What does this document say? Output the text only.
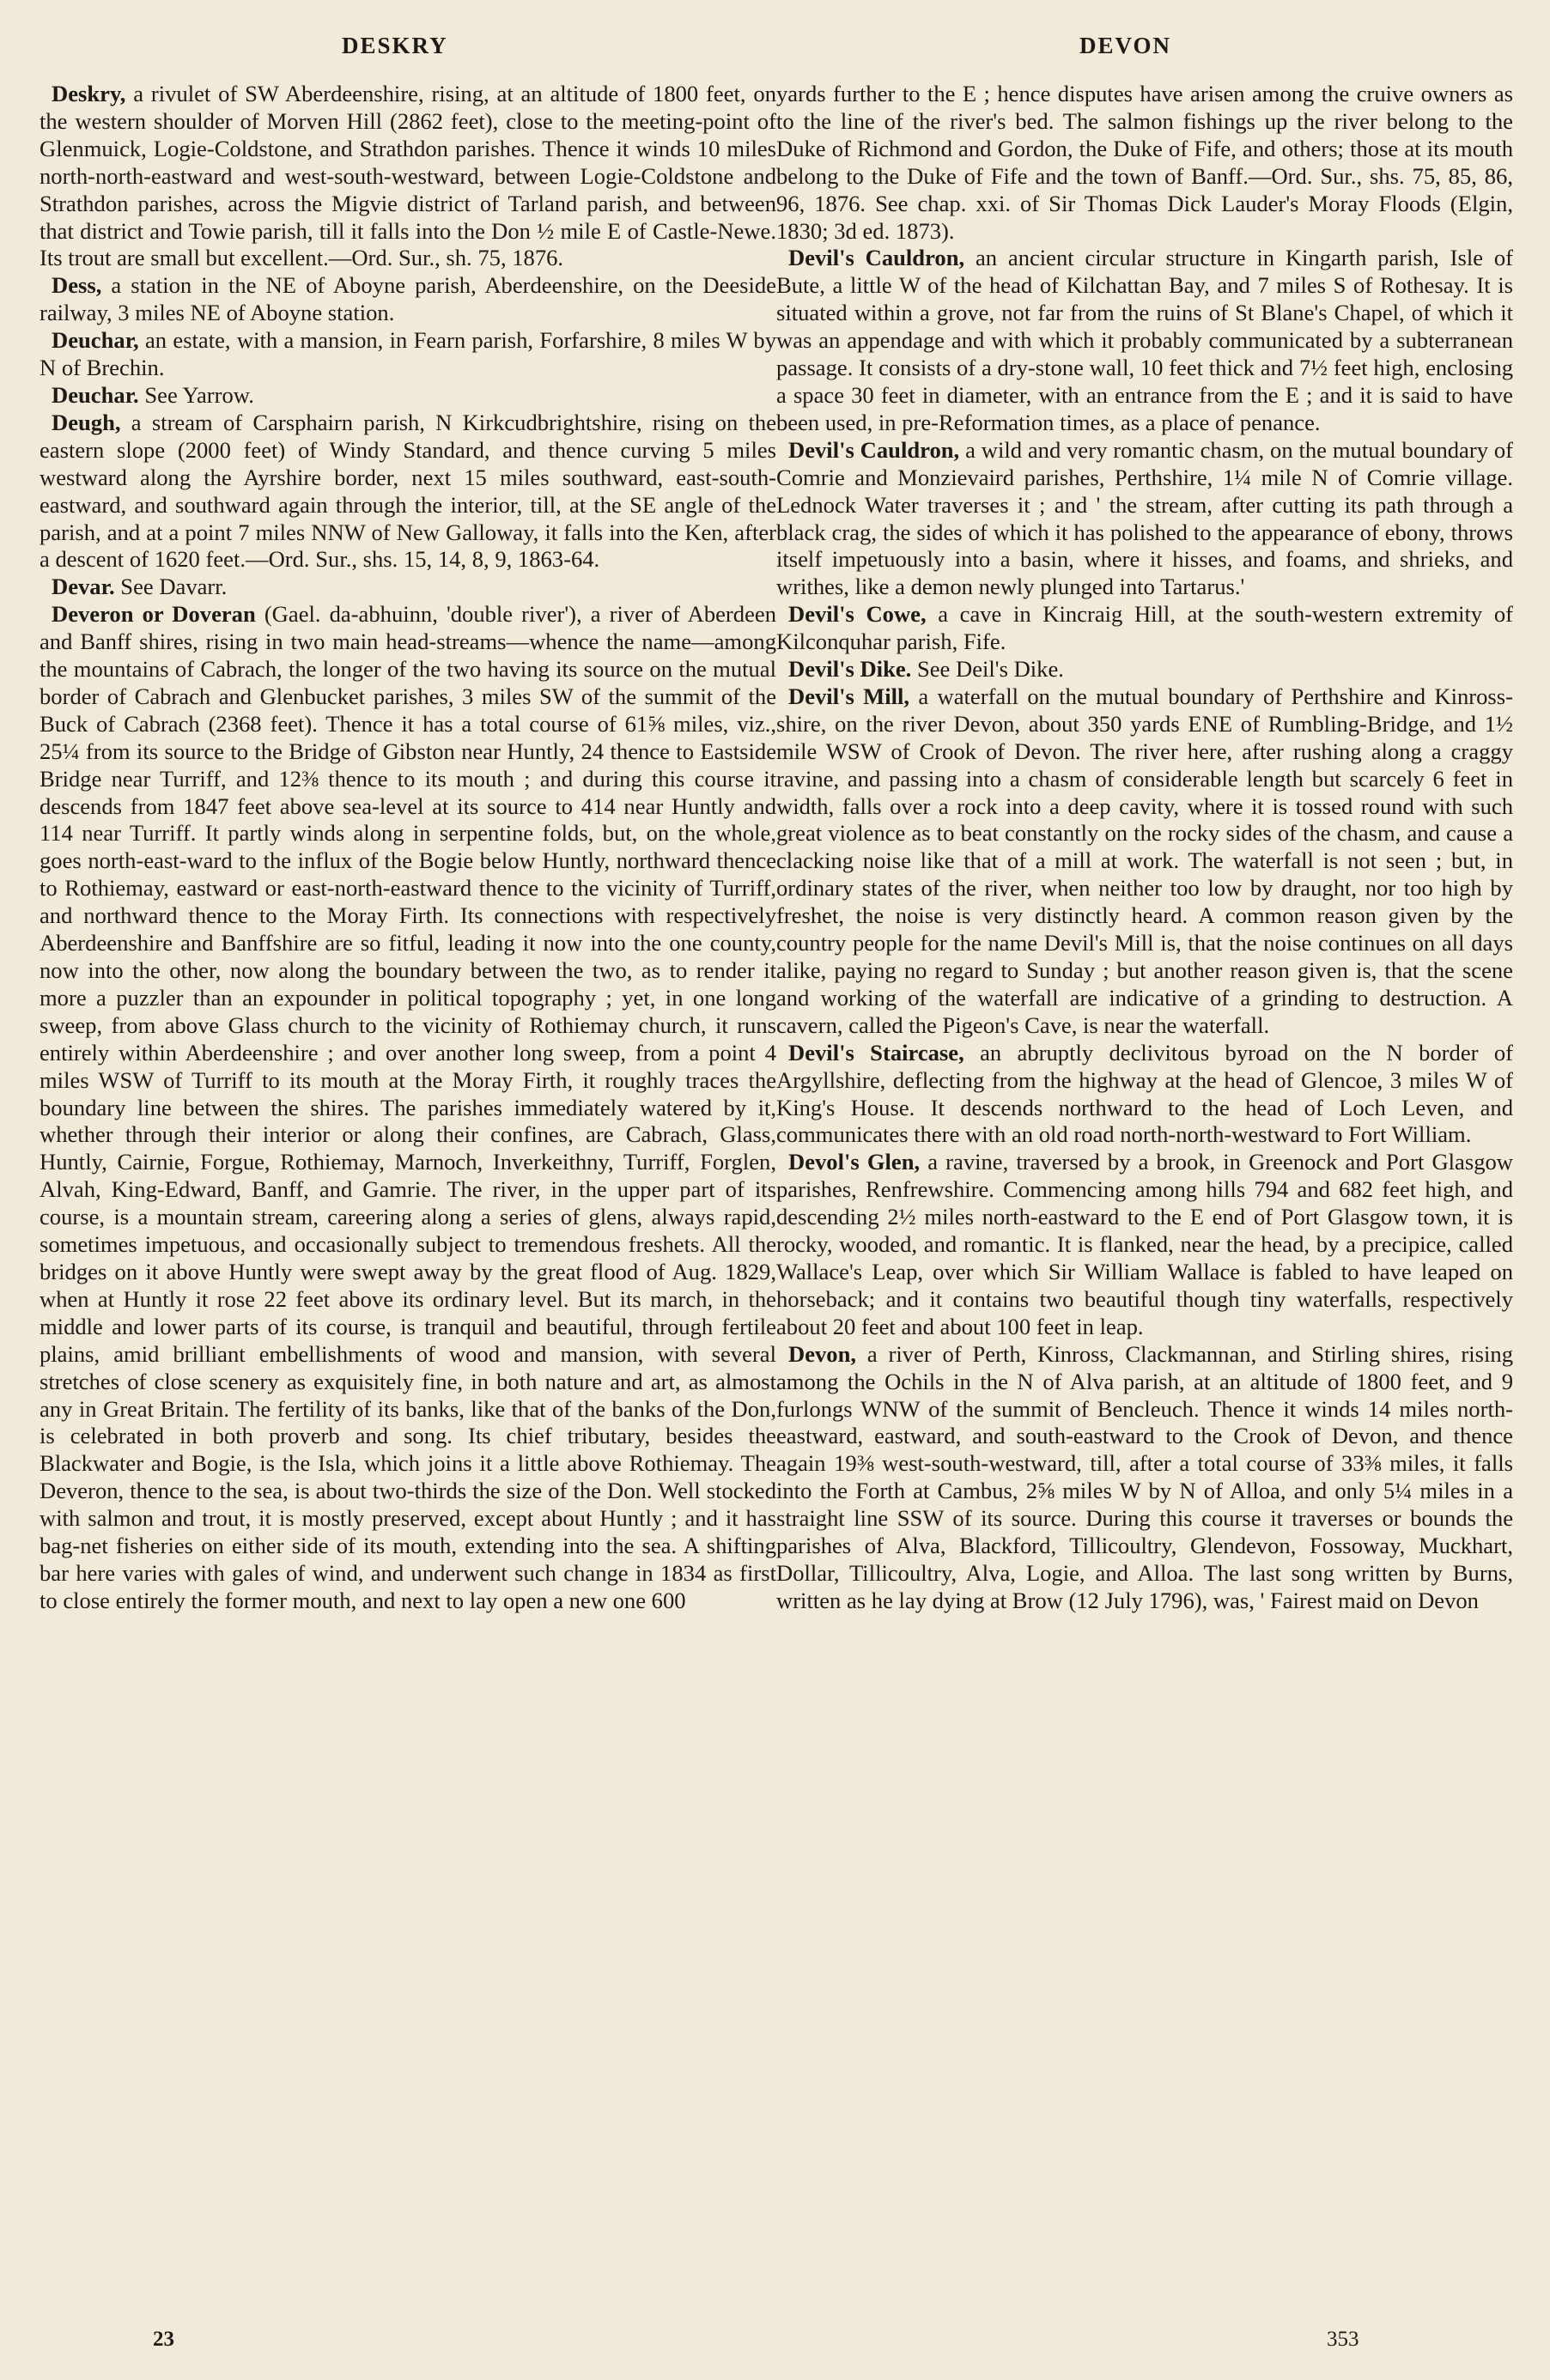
DESKRY	DEVON

Deskry, a rivulet of SW Aberdeenshire, rising, at an altitude of 1800 feet, on the western shoulder of Morven Hill (2862 feet), close to the meeting-point of Glenmuick, Logie-Coldstone, and Strathdon parishes. Thence it winds 10 miles north-north-eastward and west-south-westward, between Logie-Coldstone and Strathdon parishes, across the Migvie district of Tarland parish, and between that district and Towie parish, till it falls into the Don ½ mile E of Castle-Newe. Its trout are small but excellent.—Ord. Sur., sh. 75, 1876.

Dess, a station in the NE of Aboyne parish, Aberdeenshire, on the Deeside railway, 3 miles NE of Aboyne station.

Deuchar, an estate, with a mansion, in Fearn parish, Forfarshire, 8 miles W by N of Brechin.

Deuchar. See Yarrow.

Deugh, a stream of Carsphairn parish, N Kirkcudbrightshire, rising on the eastern slope (2000 feet) of Windy Standard, and thence curving 5 miles westward along the Ayrshire border, next 15 miles southward, east-south-eastward, and southward again through the interior, till, at the SE angle of the parish, and at a point 7 miles NNW of New Galloway, it falls into the Ken, after a descent of 1620 feet.—Ord. Sur., shs. 15, 14, 8, 9, 1863-64.

Devar. See Davarr.

Deveron or Doveran (Gael. da-abhuinn, 'double river'), a river of Aberdeen and Banff shires, rising in two main head-streams—whence the name—among the mountains of Cabrach, the longer of the two having its source on the mutual border of Cabrach and Glenbucket parishes, 3 miles SW of the summit of the Buck of Cabrach (2368 feet). Thence it has a total course of 61⅝ miles, viz., 25¼ from its source to the Bridge of Gibston near Huntly, 24 thence to Eastside Bridge near Turriff, and 12⅜ thence to its mouth ; and during this course it descends from 1847 feet above sea-level at its source to 414 near Huntly and 114 near Turriff. It partly winds along in serpentine folds, but, on the whole, goes north-east-ward to the influx of the Bogie below Huntly, northward thence to Rothiemay, eastward or east-north-eastward thence to the vicinity of Turriff, and northward thence to the Moray Firth. Its connections with respectively Aberdeenshire and Banffshire are so fitful, leading it now into the one county, now into the other, now along the boundary between the two, as to render it more a puzzler than an expounder in political topography ; yet, in one long sweep, from above Glass church to the vicinity of Rothiemay church, it runs entirely within Aberdeenshire ; and over another long sweep, from a point 4 miles WSW of Turriff to its mouth at the Moray Firth, it roughly traces the boundary line between the shires. The parishes immediately watered by it, whether through their interior or along their confines, are Cabrach, Glass, Huntly, Cairnie, Forgue, Rothiemay, Marnoch, Inverkeithny, Turriff, Forglen, Alvah, King-Edward, Banff, and Gamrie. The river, in the upper part of its course, is a mountain stream, careering along a series of glens, always rapid, sometimes impetuous, and occasionally subject to tremendous freshets. All the bridges on it above Huntly were swept away by the great flood of Aug. 1829, when at Huntly it rose 22 feet above its ordinary level. But its march, in the middle and lower parts of its course, is tranquil and beautiful, through fertile plains, amid brilliant embellishments of wood and mansion, with several stretches of close scenery as exquisitely fine, in both nature and art, as almost any in Great Britain. The fertility of its banks, like that of the banks of the Don, is celebrated in both proverb and song. Its chief tributary, besides the Blackwater and Bogie, is the Isla, which joins it a little above Rothiemay. The Deveron, thence to the sea, is about two-thirds the size of the Don. Well stocked with salmon and trout, it is mostly preserved, except about Huntly ; and it has bag-net fisheries on either side of its mouth, extending into the sea. A shifting bar here varies with gales of wind, and underwent such change in 1834 as first to close entirely the former mouth, and next to lay open a new one 600

yards further to the E ; hence disputes have arisen among the cruive owners as to the line of the river's bed. The salmon fishings up the river belong to the Duke of Richmond and Gordon, the Duke of Fife, and others; those at its mouth belong to the Duke of Fife and the town of Banff.—Ord. Sur., shs. 75, 85, 86, 96, 1876. See chap. xxi. of Sir Thomas Dick Lauder's Moray Floods (Elgin, 1830; 3d ed. 1873).

Devil's Cauldron, an ancient circular structure in Kingarth parish, Isle of Bute, a little W of the head of Kilchattan Bay, and 7 miles S of Rothesay. It is situated within a grove, not far from the ruins of St Blane's Chapel, of which it was an appendage and with which it probably communicated by a subterranean passage. It consists of a dry-stone wall, 10 feet thick and 7½ feet high, enclosing a space 30 feet in diameter, with an entrance from the E ; and it is said to have been used, in pre-Reformation times, as a place of penance.

Devil's Cauldron, a wild and very romantic chasm, on the mutual boundary of Comrie and Monzievaird parishes, Perthshire, 1¼ mile N of Comrie village. Lednock Water traverses it ; and ' the stream, after cutting its path through a black crag, the sides of which it has polished to the appearance of ebony, throws itself impetuously into a basin, where it hisses, and foams, and shrieks, and writhes, like a demon newly plunged into Tartarus.'

Devil's Cowe, a cave in Kincraig Hill, at the south-western extremity of Kilconquhar parish, Fife.

Devil's Dike. See Deil's Dike.

Devil's Mill, a waterfall on the mutual boundary of Perthshire and Kinross-shire, on the river Devon, about 350 yards ENE of Rumbling-Bridge, and 1½ mile WSW of Crook of Devon. The river here, after rushing along a craggy ravine, and passing into a chasm of considerable length but scarcely 6 feet in width, falls over a rock into a deep cavity, where it is tossed round with such great violence as to beat constantly on the rocky sides of the chasm, and cause a clacking noise like that of a mill at work. The waterfall is not seen ; but, in ordinary states of the river, when neither too low by draught, nor too high by freshet, the noise is very distinctly heard. A common reason given by the country people for the name Devil's Mill is, that the noise continues on all days alike, paying no regard to Sunday ; but another reason given is, that the scene and working of the waterfall are indicative of a grinding to destruction. A cavern, called the Pigeon's Cave, is near the waterfall.

Devil's Staircase, an abruptly declivitous byroad on the N border of Argyllshire, deflecting from the highway at the head of Glencoe, 3 miles W of King's House. It descends northward to the head of Loch Leven, and communicates there with an old road north-north-westward to Fort William.

Devol's Glen, a ravine, traversed by a brook, in Greenock and Port Glasgow parishes, Renfrewshire. Commencing among hills 794 and 682 feet high, and descending 2½ miles north-eastward to the E end of Port Glasgow town, it is rocky, wooded, and romantic. It is flanked, near the head, by a precipice, called Wallace's Leap, over which Sir William Wallace is fabled to have leaped on horseback; and it contains two beautiful though tiny waterfalls, respectively about 20 feet and about 100 feet in leap.

Devon, a river of Perth, Kinross, Clackmannan, and Stirling shires, rising among the Ochils in the N of Alva parish, at an altitude of 1800 feet, and 9 furlongs WNW of the summit of Bencleuch. Thence it winds 14 miles north-eastward, eastward, and south-eastward to the Crook of Devon, and thence again 19⅜ west-south-westward, till, after a total course of 33⅜ miles, it falls into the Forth at Cambus, 2⅝ miles W by N of Alloa, and only 5¼ miles in a straight line SSW of its source. During this course it traverses or bounds the parishes of Alva, Blackford, Tillicoultry, Glendevon, Fossoway, Muckhart, Dollar, Tillicoultry, Alva, Logie, and Alloa. The last song written by Burns, written as he lay dying at Brow (12 July 1796), was, ' Fairest maid on Devon

23	353
